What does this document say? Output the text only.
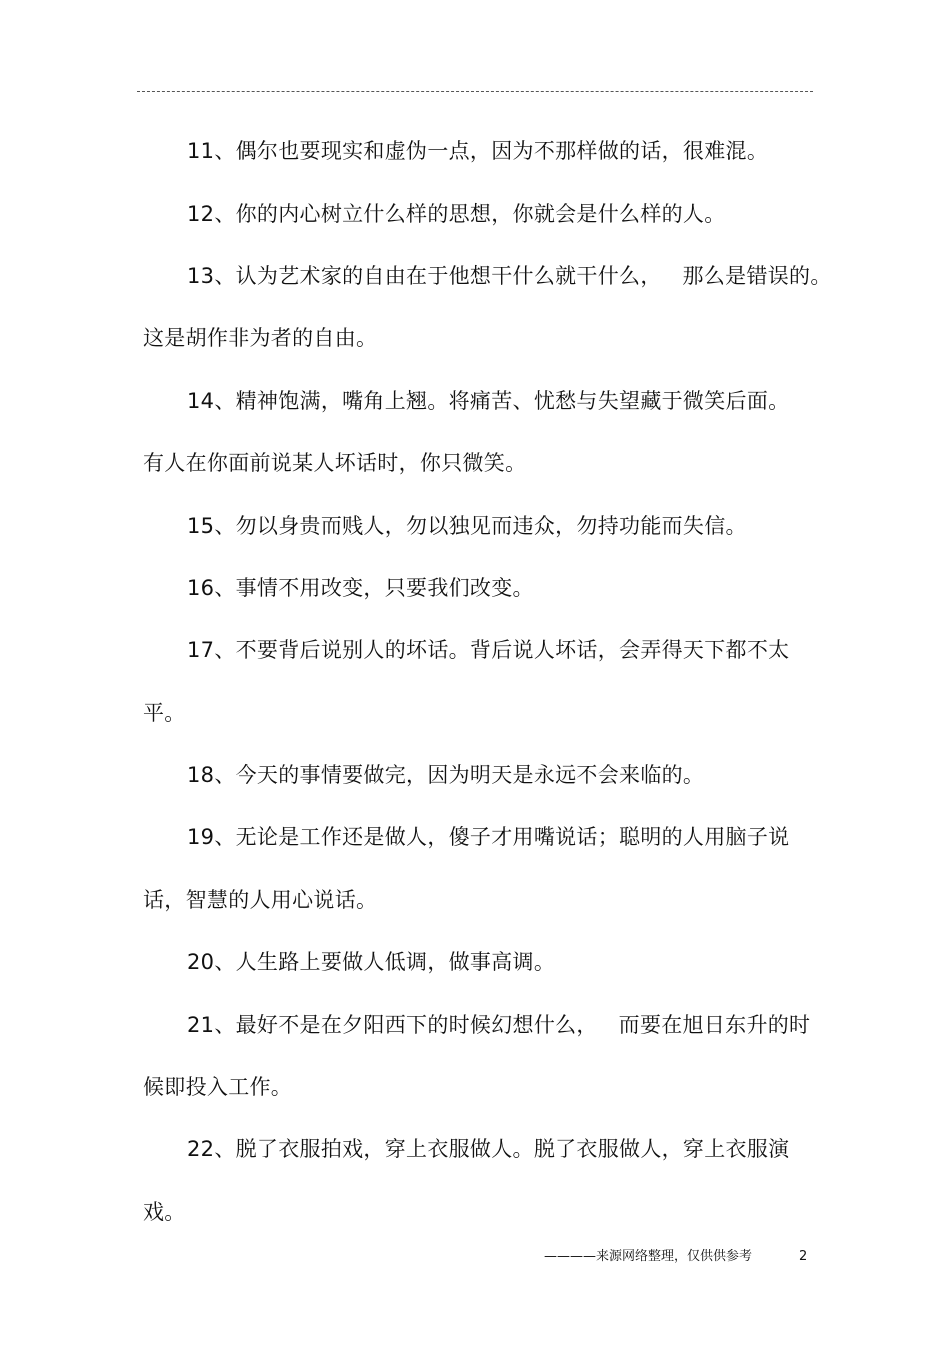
11、偶尔也要现实和虚伪一点，因为不那样做的话，很难混。
12、你的内心树立什么样的思想，你就会是什么样的人。
13、认为艺术家的自由在于他想干什么就干什么，   那么是错误的。
这是胡作非为者的自由。
14、精神饱满，嘴角上翘。将痛苦、忧愁与失望藏于微笑后面。
有人在你面前说某人坏话时，你只微笑。
15、勿以身贵而贱人，勿以独见而违众，勿持功能而失信。
16、事情不用改变，只要我们改变。
17、不要背后说别人的坏话。背后说人坏话，会弄得天下都不太
平。
18、今天的事情要做完，因为明天是永远不会来临的。
19、无论是工作还是做人，傻子才用嘴说话；聪明的人用脑子说
话，智慧的人用心说话。
20、人生路上要做人低调，做事高调。
21、最好不是在夕阳西下的时候幻想什么，   而要在旭日东升的时
候即投入工作。
22、脱了衣服拍戏，穿上衣服做人。脱了衣服做人，穿上衣服演
戏。
————来源网络整理，仅供供参考	2
